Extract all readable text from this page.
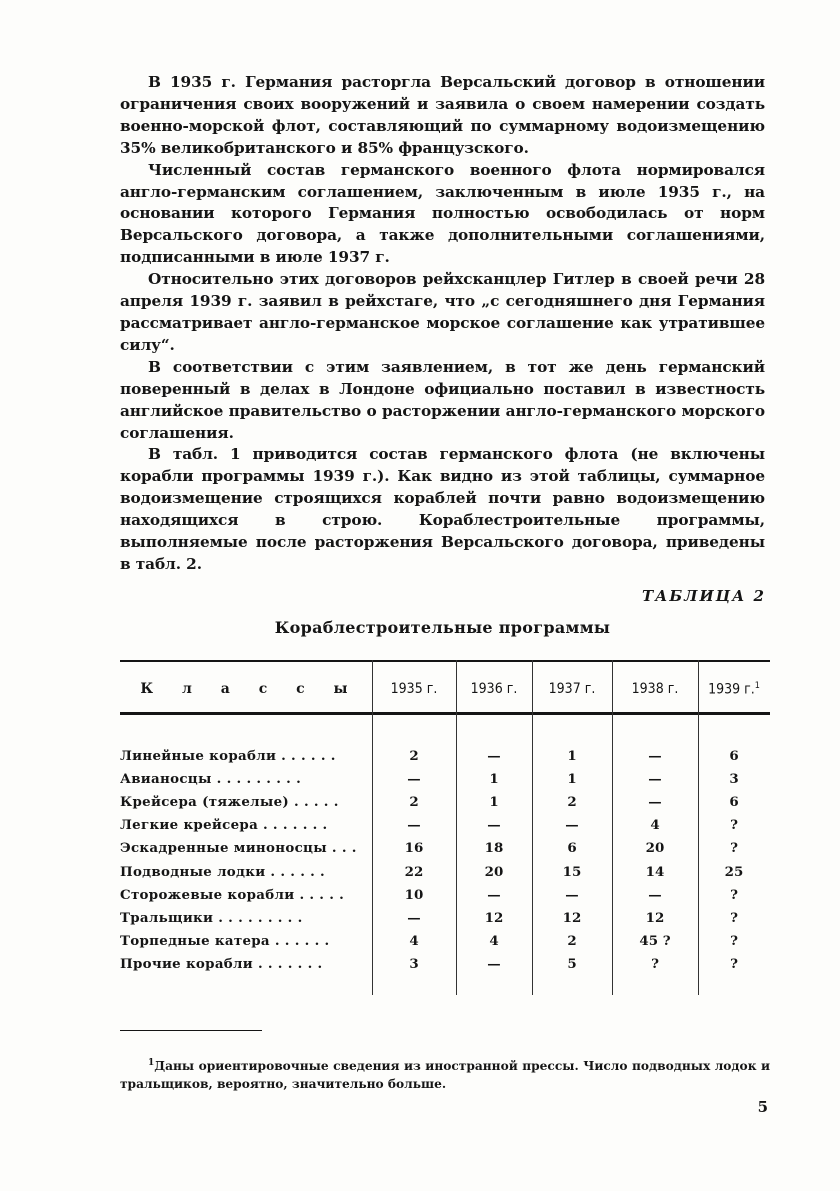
В 1935 г. Германия расторгла Версальский договор в отношении ограничения своих вооружений и заявила о своем намерении создать военно-морской флот, составляющий по суммарному водоизмещению 35% великобританского и 85% французского.

Численный состав германского военного флота нормировался англо-германским соглашением, заключенным в июле 1935 г., на основании которого Германия полностью освободилась от норм Версальского договора, а также дополнительными соглашениями, подписанными в июле 1937 г.

Относительно этих договоров рейхсканцлер Гитлер в своей речи 28 апреля 1939 г. заявил в рейхстаге, что „с сегодняшнего дня Германия рассматривает англо-германское морское соглашение как утратившее силу“.

В соответствии с этим заявлением, в тот же день германский поверенный в делах в Лондоне официально поставил в известность английское правительство о расторжении англо-германского морского соглашения.

В табл. 1 приводится состав германского флота (не включены корабли программы 1939 г.). Как видно из этой таблицы, суммарное водоизмещение строящихся кораблей почти равно водоизмещению находящихся в строю. Кораблестроительные программы, выполняемые после расторжения Версальского договора, приведены в табл. 2.

ТАБЛИЦА 2
Кораблестроительные программы
К л а с с ы	1935 г.	1936 г.	1937 г.	1938 г.	1939 г.$^1$
Линейные корабли . . . . . .	2	—	1	—	6
Авианосцы . . . . . . . . .	—	1	1	—	3
Крейсера (тяжелые) . . . . .	2	1	2	—	6
Легкие крейсера . . . . . . .	—	—	—	4	?
Эскадренные миноносцы . . .	16	18	6	20	?
Подводные лодки . . . . . .	22	20	15	14	25
Сторожевые корабли . . . . .	10	—	—	—	?
Тральщики . . . . . . . . .	—	12	12	12	?
Торпедные катера . . . . . .	4	4	2	45 ?	?
Прочие корабли . . . . . . .	3	—	5	?	?
$^1$Даны ориентировочные сведения из иностранной прессы. Число подводных лодок и тральщиков, вероятно, значительно больше.
5
